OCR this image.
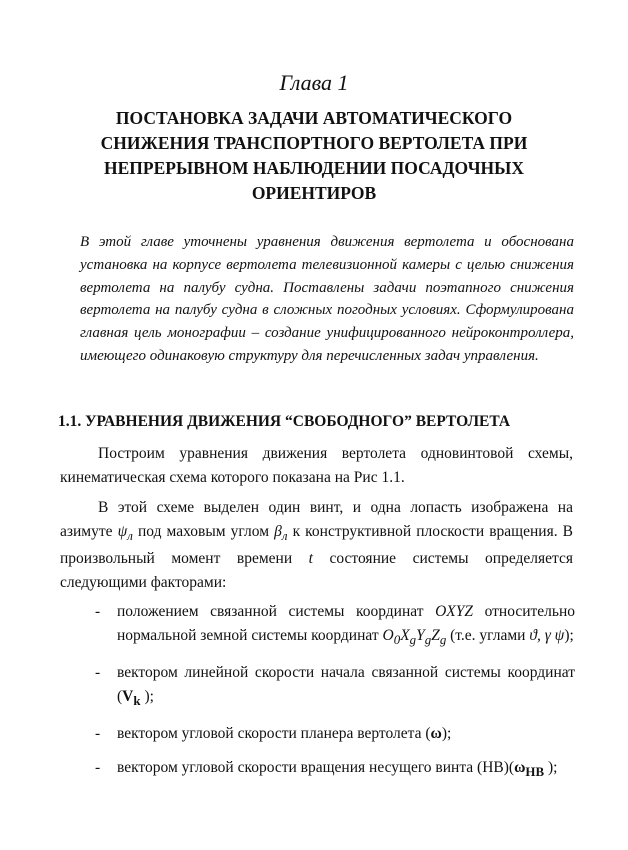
Глава 1
ПОСТАНОВКА ЗАДАЧИ АВТОМАТИЧЕСКОГО СНИЖЕНИЯ ТРАНСПОРТНОГО ВЕРТОЛЕТА ПРИ НЕПРЕРЫВНОМ НАБЛЮДЕНИИ ПОСАДОЧНЫХ ОРИЕНТИРОВ
В этой главе уточнены уравнения движения вертолета и обоснована установка на корпусе вертолета телевизионной камеры с целью снижения вертолета на палубу судна. Поставлены задачи поэтапного снижения вертолета на палубу судна в сложных погодных условиях. Сформулирована главная цель монографии – создание унифицированного нейроконтроллера, имеющего одинаковую структуру для перечисленных задач управления.
1.1. УРАВНЕНИЯ ДВИЖЕНИЯ “СВОБОДНОГО” ВЕРТОЛЕТА
Построим уравнения движения вертолета одновинтовой схемы, кинематическая схема которого показана на Рис 1.1.
В этой схеме выделен один винт, и одна лопасть изображена на азимуте $\psi_л$ под маховым углом $\beta_л$ к конструктивной плоскости вращения. В произвольный момент времени t состояние системы определяется следующими факторами:
- положением связанной системы координат OXYZ относительно нормальной земной системы координат $O_0X_gY_gZ_g$ (т.е. углами ϑ, γ ψ);
- вектором линейной скорости начала связанной системы координат ($V_k$ );
- вектором угловой скорости планера вертолета (ω);
- вектором угловой скорости вращения несущего винта $(НВ)(\omega_{НВ}$ );
